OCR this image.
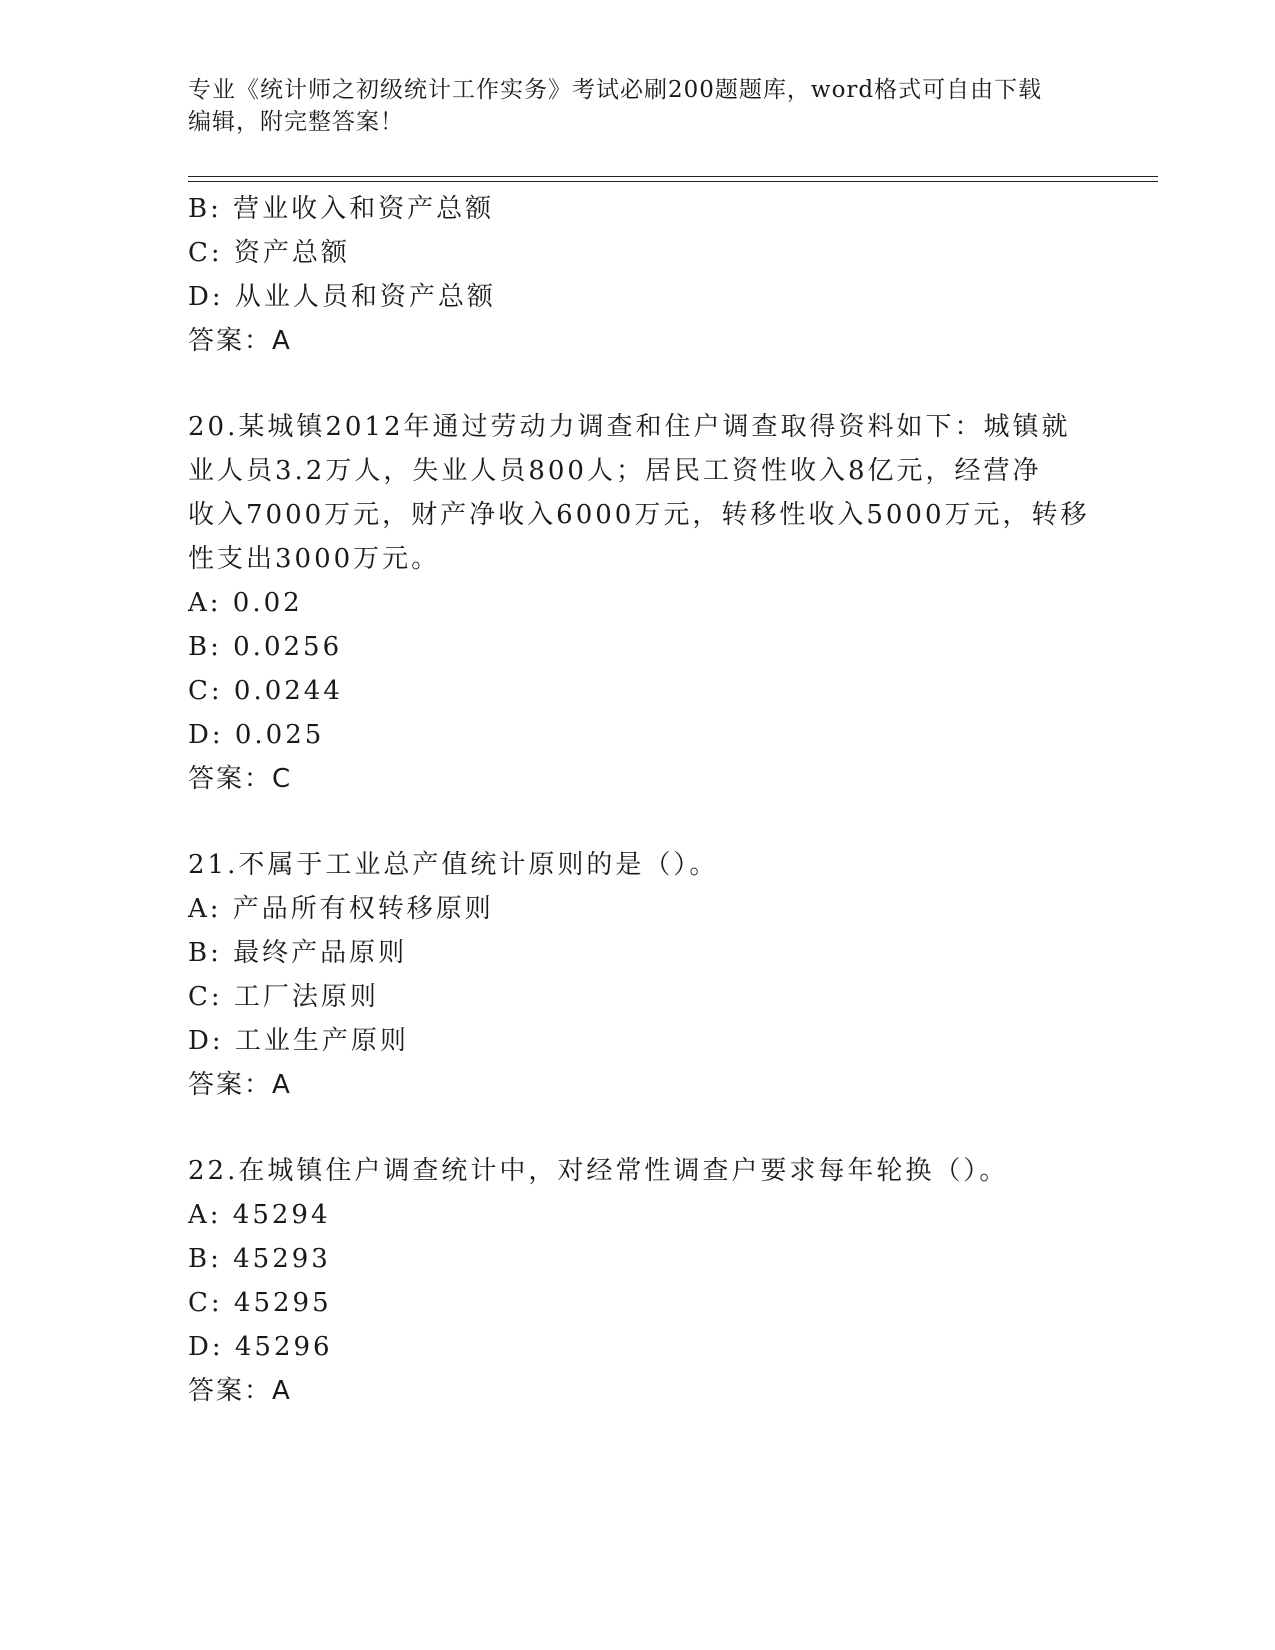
专业《统计师之初级统计工作实务》考试必刷200题题库，word格式可自由下载
编辑，附完整答案！
B: 营业收入和资产总额
C: 资产总额
D: 从业人员和资产总额
答案：A
20.某城镇2012年通过劳动力调查和住户调查取得资料如下：城镇就
业人员3.2万人，失业人员800人；居民工资性收入8亿元，经营净
收入7000万元，财产净收入6000万元，转移性收入5000万元，转移
性支出3000万元。
A: 0.02
B: 0.0256
C: 0.0244
D: 0.025
答案：C
21.不属于工业总产值统计原则的是（）。
A: 产品所有权转移原则
B: 最终产品原则
C: 工厂法原则
D: 工业生产原则
答案：A
22.在城镇住户调查统计中，对经常性调查户要求每年轮换（）。
A: 45294
B: 45293
C: 45295
D: 45296
答案：A
